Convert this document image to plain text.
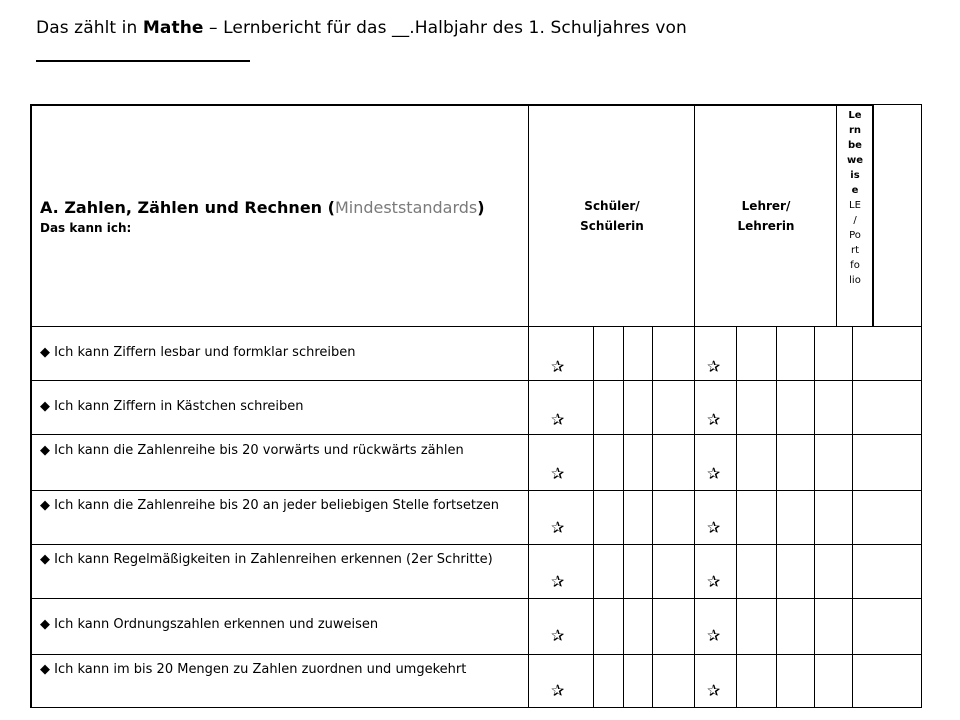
Das zählt in Mathe – Lernbericht für das __.Halbjahr des 1. Schuljahres von
A. Zahlen, Zählen und Rechnen (Mindeststandards)
Das kann ich:
Schüler/
Schülerin
Lehrer/
Lehrerin
Le
rn
be
we
is
e
LE
/
Po
rt
fo
lio
◆ Ich kann Ziffern lesbar und formklar schreiben
◆ Ich kann Ziffern in Kästchen schreiben
◆ Ich kann die Zahlenreihe bis 20 vorwärts und rückwärts zählen
◆ Ich kann die Zahlenreihe bis 20 an jeder beliebigen Stelle fortsetzen
◆ Ich kann Regelmäßigkeiten in Zahlenreihen erkennen (2er Schritte)
◆ Ich kann Ordnungszahlen erkennen und zuweisen
◆ Ich kann im bis 20 Mengen zu Zahlen zuordnen und umgekehrt
✰
✰
✰
✰
✰
✰
✰
✰
✰
✰
✰
✰
✰
✰
